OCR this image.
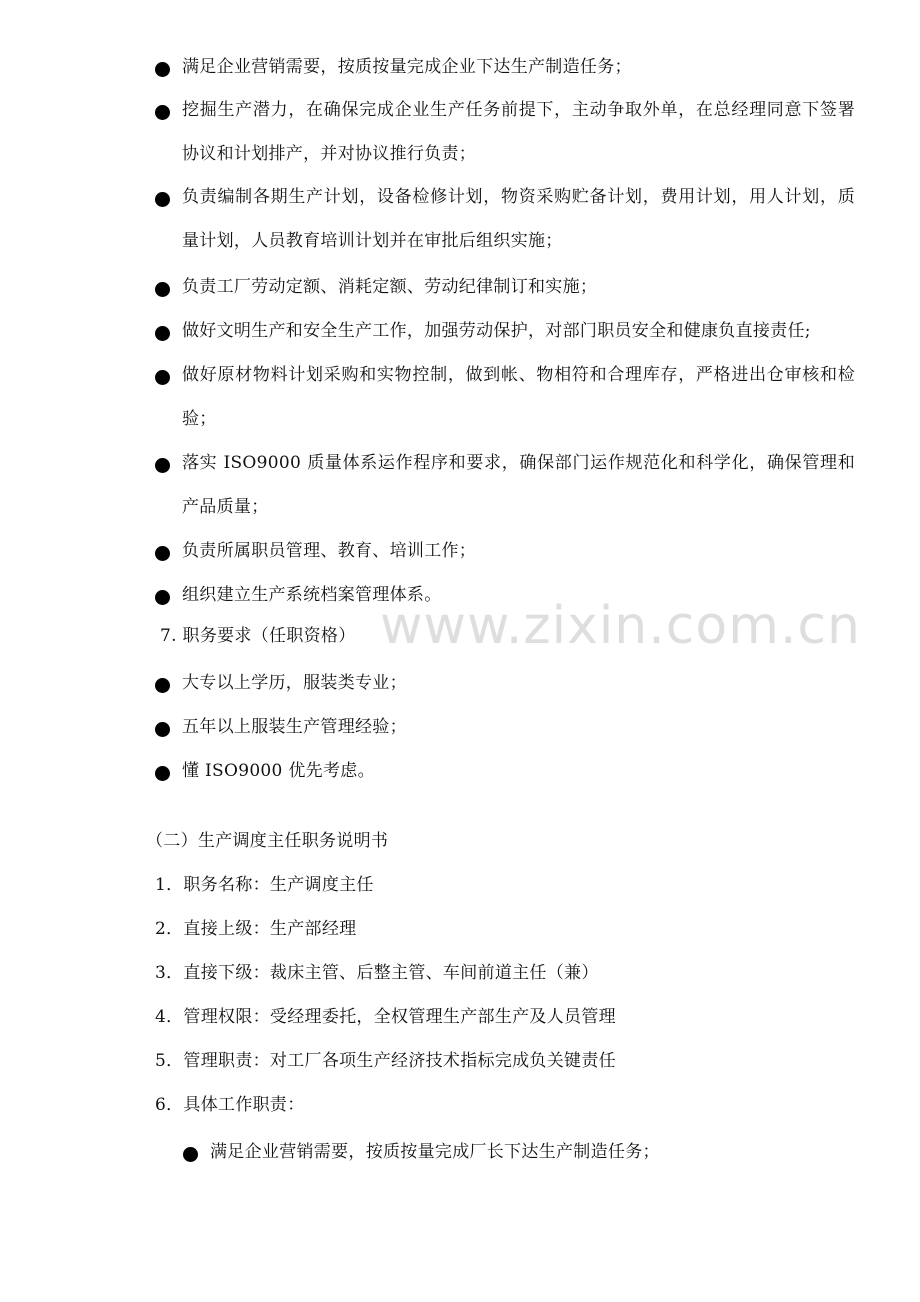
www.zixin.com.cn
满足企业营销需要，按质按量完成企业下达生产制造任务；
挖掘生产潜力，在确保完成企业生产任务前提下，主动争取外单，在总经理同意下签署协议和计划排产，并对协议推行负责；
负责编制各期生产计划，设备检修计划，物资采购贮备计划，费用计划，用人计划，质量计划，人员教育培训计划并在审批后组织实施；
负责工厂劳动定额、消耗定额、劳动纪律制订和实施；
做好文明生产和安全生产工作，加强劳动保护，对部门职员安全和健康负直接责任;
做好原材物料计划采购和实物控制，做到帐、物相符和合理库存，严格进出仓审核和检验；
落实 ISO9000 质量体系运作程序和要求，确保部门运作规范化和科学化，确保管理和产品质量；
负责所属职员管理、教育、培训工作；
组织建立生产系统档案管理体系。
7. 职务要求（任职资格）
大专以上学历，服装类专业；
五年以上服装生产管理经验；
懂 ISO9000 优先考虑。
（二）生产调度主任职务说明书
1．职务名称：生产调度主任
2．直接上级：生产部经理
3．直接下级：裁床主管、后整主管、车间前道主任（兼）
4．管理权限：受经理委托，全权管理生产部生产及人员管理
5．管理职责：对工厂各项生产经济技术指标完成负关键责任
6．具体工作职责：
满足企业营销需要，按质按量完成厂长下达生产制造任务；
